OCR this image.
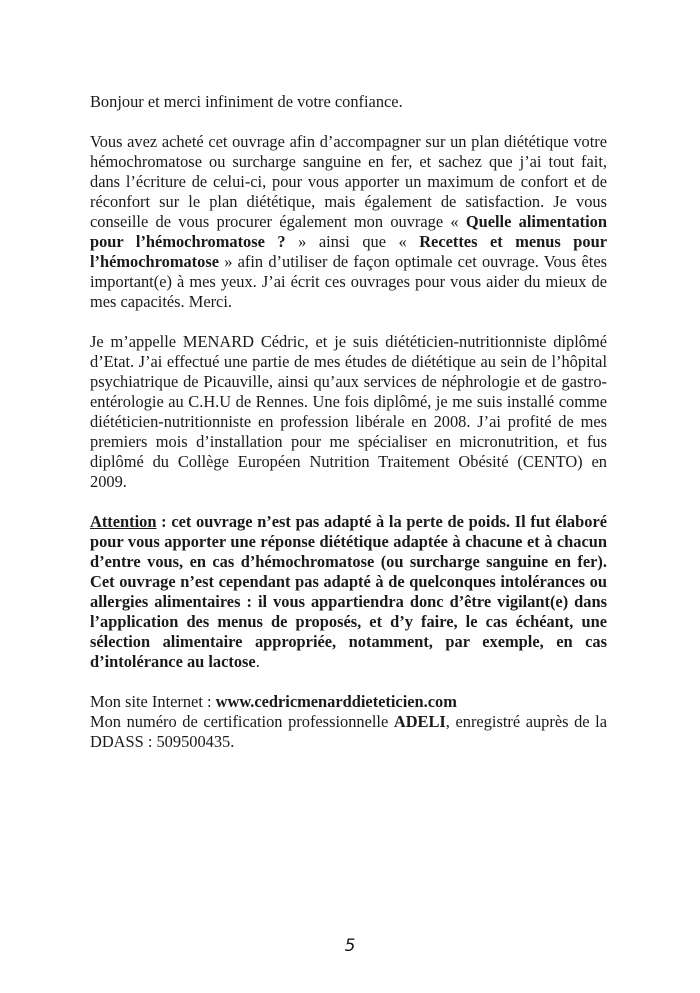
Bonjour et merci infiniment de votre confiance.

Vous avez acheté cet ouvrage afin d’accompagner sur un plan diététique votre hémochromatose ou surcharge sanguine en fer, et sachez que j’ai tout fait, dans l’écriture de celui-ci, pour vous apporter un maximum de confort et de réconfort sur le plan diététique, mais également de satisfaction. Je vous conseille de vous procurer également mon ouvrage « Quelle alimentation pour l’hémochromatose ? » ainsi que « Recettes et menus pour l’hémochromatose » afin d’utiliser de façon optimale cet ouvrage. Vous êtes important(e) à mes yeux. J’ai écrit ces ouvrages pour vous aider du mieux de mes capacités. Merci.

Je m’appelle MENARD Cédric, et je suis diététicien-nutritionniste diplômé d’Etat. J’ai effectué une partie de mes études de diététique au sein de l’hôpital psychiatrique de Picauville, ainsi qu’aux services de néphrologie et de gastro-entérologie au C.H.U de Rennes. Une fois diplômé, je me suis installé comme diététicien-nutritionniste en profession libérale en 2008. J’ai profité de mes premiers mois d’installation pour me spécialiser en micronutrition, et fus diplômé du Collège Européen Nutrition Traitement Obésité (CENTO) en 2009.

Attention : cet ouvrage n’est pas adapté à la perte de poids. Il fut élaboré pour vous apporter une réponse diététique adaptée à chacune et à chacun d’entre vous, en cas d’hémochromatose (ou surcharge sanguine en fer). Cet ouvrage n’est cependant pas adapté à de quelconques intolérances ou allergies alimentaires : il vous appartiendra donc d’être vigilant(e) dans l’application des menus de proposés, et d’y faire, le cas échéant, une sélection alimentaire appropriée, notamment, par exemple, en cas d’intolérance au lactose.

Mon site Internet : www.cedricmenarddieteticien.com

Mon numéro de certification professionnelle ADELI, enregistré auprès de la DDASS : 509500435.

5
